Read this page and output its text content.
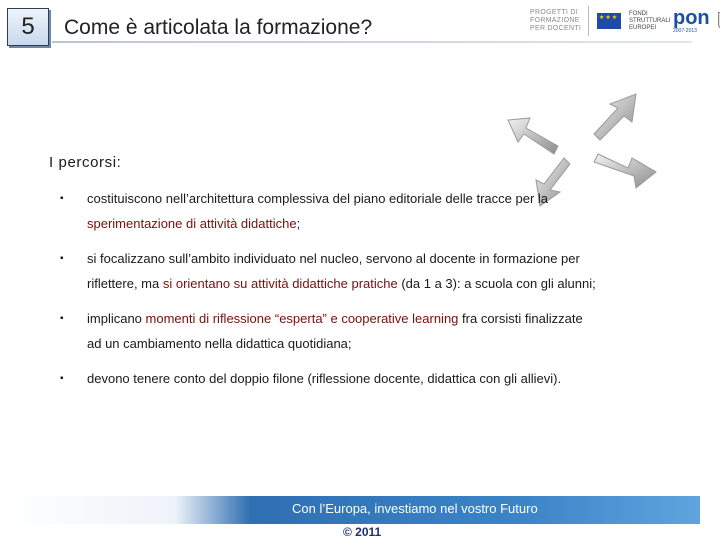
5	Come è articolata la formazione?
PROGETTI DI
FORMAZIONE
PER DOCENTI
★★★
FONDI STRUTTURALI EUROPEI pon
2007-2013
I percorsi:
▪ costituiscono nell’architettura complessiva del piano editoriale delle tracce per la sperimentazione di attività didattiche;
▪ si focalizzano sull’ambito individuato nel nucleo, servono al docente in formazione per riflettere, ma si orientano su attività didattiche pratiche (da 1 a 3): a scuola con gli alunni;
▪ implicano momenti di riflessione “esperta” e cooperative learning fra corsisti finalizzate ad un cambiamento nella didattica quotidiana;
▪ devono tenere conto del doppio filone (riflessione docente, didattica con gli allievi).
Con l’Europa, investiamo nel vostro Futuro
© 2011
